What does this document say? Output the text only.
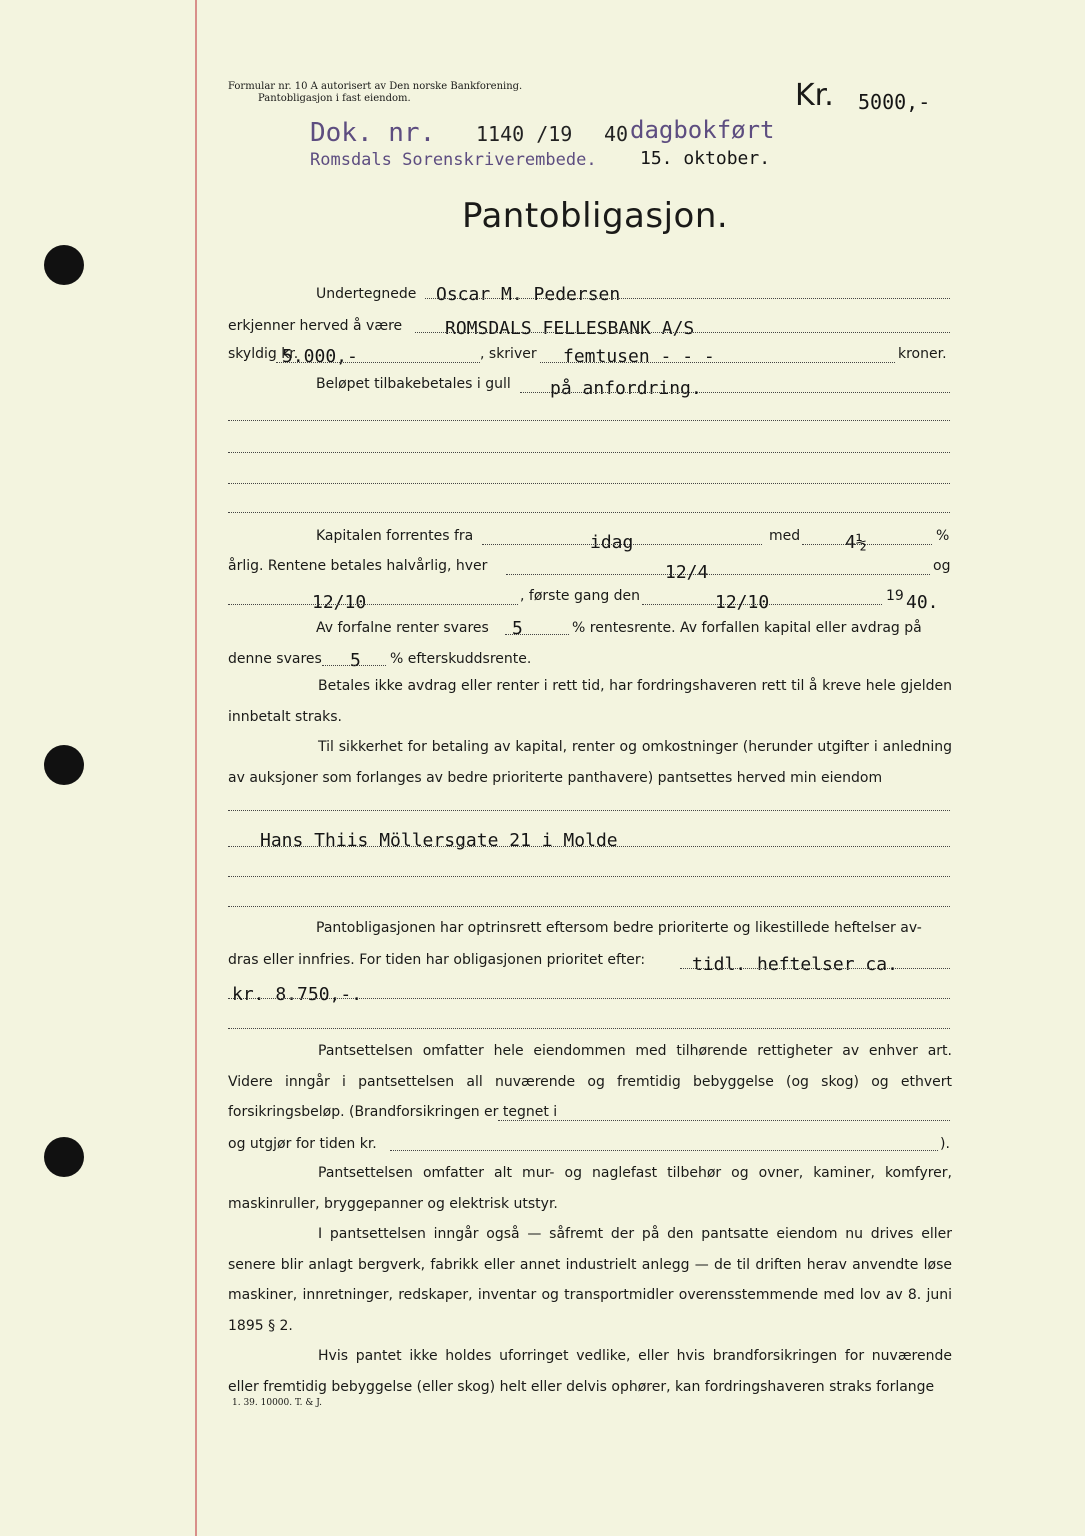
Formular nr. 10 A autorisert av Den norske Bankforening.
Pantobligasjon i fast eiendom.	Kr. 5000,-
Dok. nr. 1140 /19 40 dagbokført
Romsdals Sorenskriverembede. 15. oktober.
Pantobligasjon.
Undertegnede Oscar M. Pedersen
erkjenner herved å være ROMSDALS FELLESBANK A/S
skyldig kr.
5.000,-	, skriver femtusen - - -	kroner.
Beløpet tilbakebetales i gull på anfordring.
Kapitalen forrentes fra	idag	med 4½	%
årlig. Rentene betales halvårlig, hver	12/4	og
12/10	, første gang den	12/10	19 40.
Av forfalne renter svares 5	% rentesrente. Av forfallen kapital eller avdrag på
denne svares 5 % efterskuddsrente.
Betales ikke avdrag eller renter i rett tid, har fordringshaveren rett til å kreve hele gjelden innbetalt straks.
Til sikkerhet for betaling av kapital, renter og omkostninger (herunder utgifter i anledning av auksjoner som forlanges av bedre prioriterte panthavere) pantsettes herved min eiendom
Hans Thiis Möllersgate 21 i Molde
Pantobligasjonen har optrinsrett eftersom bedre prioriterte og likestillede heftelser av-
dras eller innfries. For tiden har obligasjonen prioritet efter:	tidl. heftelser ca.
kr. 8.750,-.
Pantsettelsen omfatter hele eiendommen med tilhørende rettigheter av enhver art. Videre inngår i pantsettelsen all nuværende og fremtidig bebyggelse (og skog) og ethvert forsikringsbeløp. (Brandforsikringen er tegnet i
og utgjør for tiden kr.	).
Pantsettelsen omfatter alt mur- og naglefast tilbehør og ovner, kaminer, komfyrer, maskinruller, bryggepanner og elektrisk utstyr.
I pantsettelsen inngår også — såfremt der på den pantsatte eiendom nu drives eller senere blir anlagt bergverk, fabrikk eller annet industrielt anlegg — de til driften herav anvendte løse maskiner, innretninger, redskaper, inventar og transportmidler overensstemmende med lov av 8. juni 1895 § 2.
Hvis pantet ikke holdes uforringet vedlike, eller hvis brandforsikringen for nuværende eller fremtidig bebyggelse (eller skog) helt eller delvis ophører, kan fordringshaveren straks forlange
1. 39. 10000. T. & J.
